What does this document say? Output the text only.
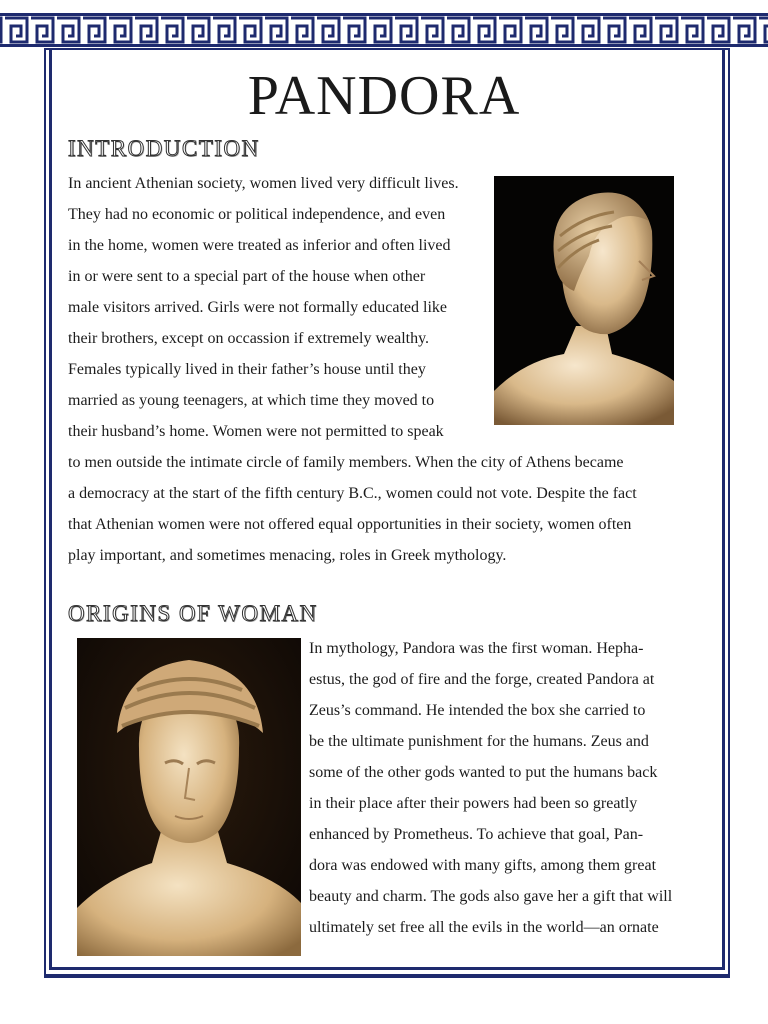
PANDORA
INTRODUCTION
In ancient Athenian society, women lived very difficult lives.
They had no economic or political independence, and even
in the home, women were treated as inferior and often lived
in or were sent to a special part of the house when other
male visitors arrived. Girls were not formally educated like
their brothers, except on occassion if extremely wealthy.
Females typically lived in their father’s house until they
married as young teenagers, at which time they moved to
their husband’s home. Women were not permitted to speak
to men outside the intimate circle of family members. When the city of Athens became
a democracy at the start of the fifth century B.C., women could not vote. Despite the fact
that Athenian women were not offered equal opportunities in their society, women often
play important, and sometimes menacing, roles in Greek mythology.
ORIGINS OF WOMAN
In mythology, Pandora was the first woman. Hepha-
estus, the god of fire and the forge, created Pandora at
Zeus’s command. He intended the box she carried to
be the ultimate punishment for the humans. Zeus and
some of the other gods wanted to put the humans back
in their place after their powers had been so greatly
enhanced by Prometheus. To achieve that goal, Pan-
dora was endowed with many gifts, among them great
beauty and charm. The gods also gave her a gift that will
ultimately set free all the evils in the world—an ornate
